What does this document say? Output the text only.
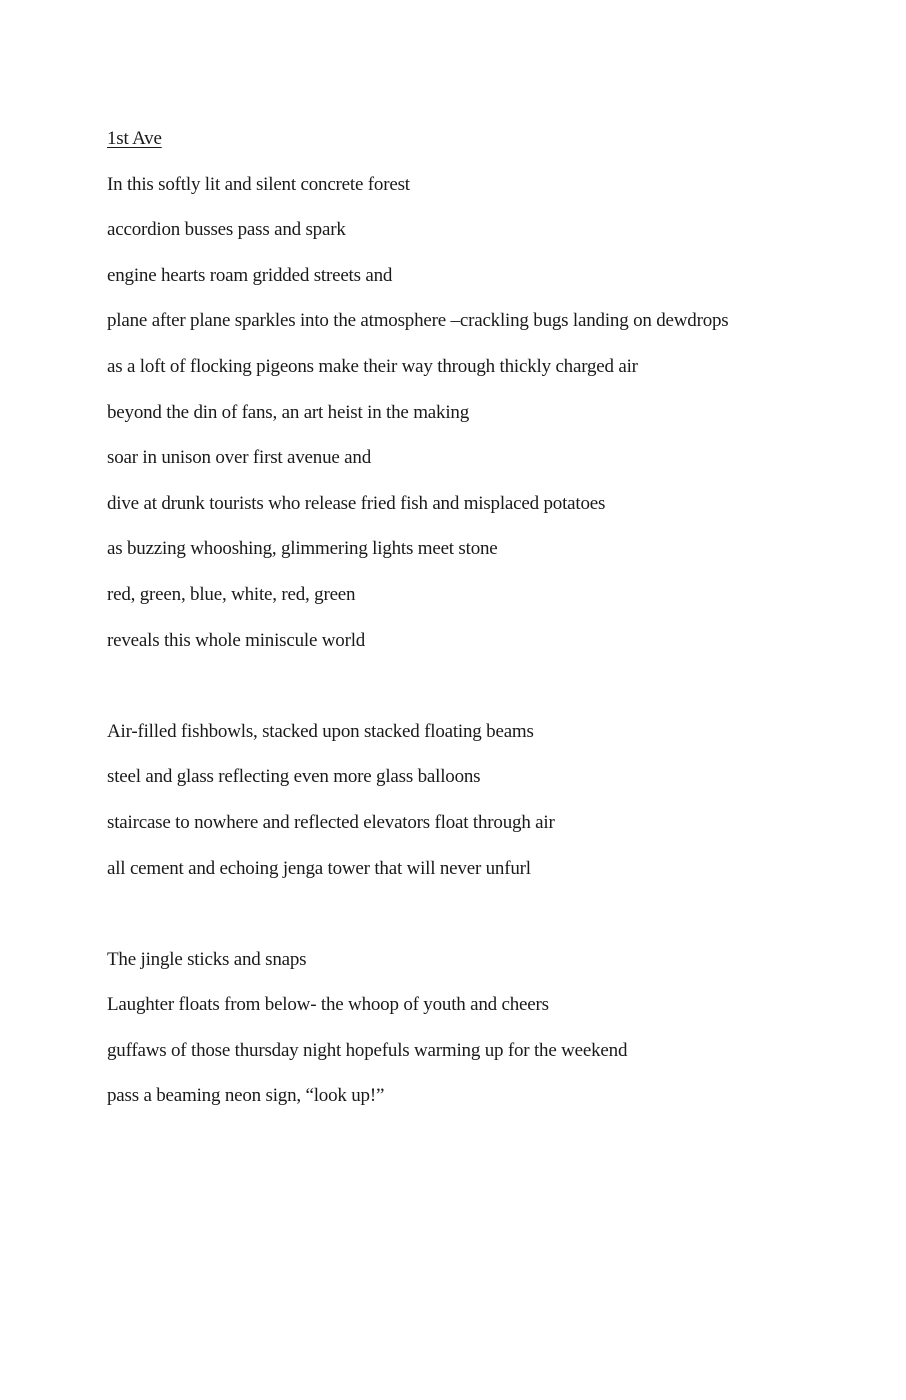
1st Ave
In this softly lit and silent concrete forest
accordion busses pass and spark
engine hearts roam gridded streets and
plane after plane sparkles into the atmosphere –crackling bugs landing on dewdrops
as a loft of flocking pigeons make their way through thickly charged air
beyond the din of fans, an art heist in the making
soar in unison over first avenue and
dive at drunk tourists who release fried fish and misplaced potatoes
as buzzing whooshing, glimmering lights meet stone
red, green, blue, white, red, green
reveals this whole miniscule world
Air-filled fishbowls, stacked upon stacked floating beams
steel and glass reflecting even more glass balloons
staircase to nowhere and reflected elevators float through air
all cement and echoing jenga tower that will never unfurl
The jingle sticks and snaps
Laughter floats from below- the whoop of youth and cheers
guffaws of those thursday night hopefuls warming up for the weekend
pass a beaming neon sign, “look up!”
